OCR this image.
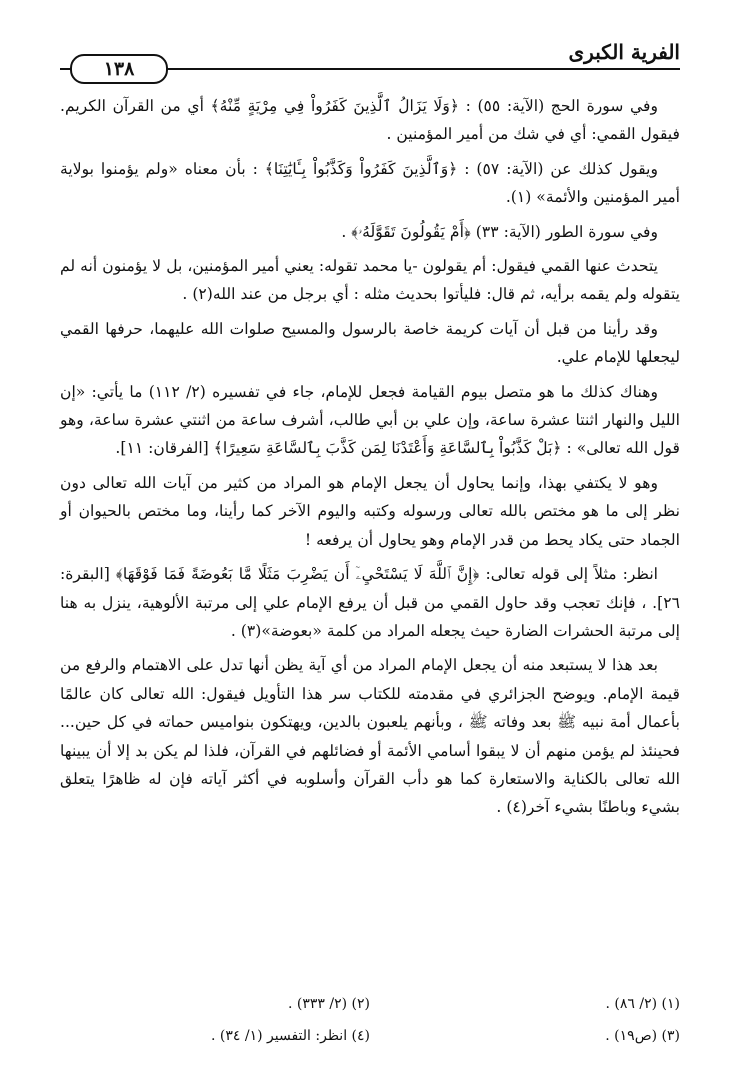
الفرية الكبرى
١٣٨

وفي سورة الحج (الآية: ٥٥) : ﴿وَلَا يَزَالُ ٱلَّذِينَ كَفَرُواْ فِي مِرْيَةٍ مِّنْهُ﴾ أي من القرآن الكريم. فيقول القمي: أي في شك من أمير المؤمنين .

ويقول كذلك عن (الآية: ٥٧) : ﴿وَٱلَّذِينَ كَفَرُواْ وَكَذَّبُواْ بِـَٔايَٰتِنَا﴾ : بأن معناه «ولم يؤمنوا بولاية أمير المؤمنين والأئمة» (١).

وفي سورة الطور (الآية: ٣٣) ﴿أَمْ يَقُولُونَ تَقَوَّلَهُۥ﴾ .

يتحدث عنها القمي فيقول: أم يقولون -يا محمد تقوله: يعني أمير المؤمنين، بل لا يؤمنون أنه لم يتقوله ولم يقمه برأيه، ثم قال: فليأتوا بحديث مثله : أي برجل من عند الله(٢) .

وقد رأينا من قبل أن آيات كريمة خاصة بالرسول والمسيح صلوات الله عليهما، حرفها القمي ليجعلها للإمام علي.

وهناك كذلك ما هو متصل بيوم القيامة فجعل للإمام، جاء في تفسيره (٢/ ١١٢) ما يأتي: «إن الليل والنهار اثنتا عشرة ساعة، وإن علي بن أبي طالب، أشرف ساعة من اثنتي عشرة ساعة، وهو قول الله تعالى» : ﴿بَلْ كَذَّبُواْ بِٱلسَّاعَةِ وَأَعْتَدْنَا لِمَن كَذَّبَ بِٱلسَّاعَةِ سَعِيرًا﴾ [الفرقان: ١١].

وهو لا يكتفي بهذا، وإنما يحاول أن يجعل الإمام هو المراد من كثير من آيات الله تعالى دون نظر إلى ما هو مختص بالله تعالى ورسوله وكتبه واليوم الآخر كما رأينا، وما مختص بالحيوان أو الجماد حتى يكاد يحط من قدر الإمام وهو يحاول أن يرفعه !

انظر: مثلاً إلى قوله تعالى: ﴿إِنَّ ٱللَّهَ لَا يَسْتَحْيِۦٓ أَن يَضْرِبَ مَثَلًا مَّا بَعُوضَةً فَمَا فَوْقَهَا﴾ [البقرة: ٢٦]. ، فإنك تعجب وقد حاول القمي من قبل أن يرفع الإمام علي إلى مرتبة الألوهية، ينزل به هنا إلى مرتبة الحشرات الضارة حيث يجعله المراد من كلمة «بعوضة»(٣) .

بعد هذا لا يستبعد منه أن يجعل الإمام المراد من أي آية يظن أنها تدل على الاهتمام والرفع من قيمة الإمام. ويوضح الجزائري في مقدمته للكتاب سر هذا التأويل فيقول: الله تعالى كان عالمًا بأعمال أمة نبيه ﷺ بعد وفاته ﷺ ، وبأنهم يلعبون بالدين، ويهتكون بنواميس حماته في كل حين... فحينئذ لم يؤمن منهم أن لا يبقوا أسامي الأئمة أو فضائلهم في القرآن، فلذا لم يكن بد إلا أن يبينها الله تعالى بالكناية والاستعارة كما هو دأب القرآن وأسلوبه في أكثر آياته فإن له ظاهرًا يتعلق بشيء وباطنًا بشيء آخر(٤) .

(١) (٢/ ٨٦) .
(٢) (٢/ ٣٣٣) .
(٣) (ص١٩) .
(٤) انظر: التفسير (١/ ٣٤) .
